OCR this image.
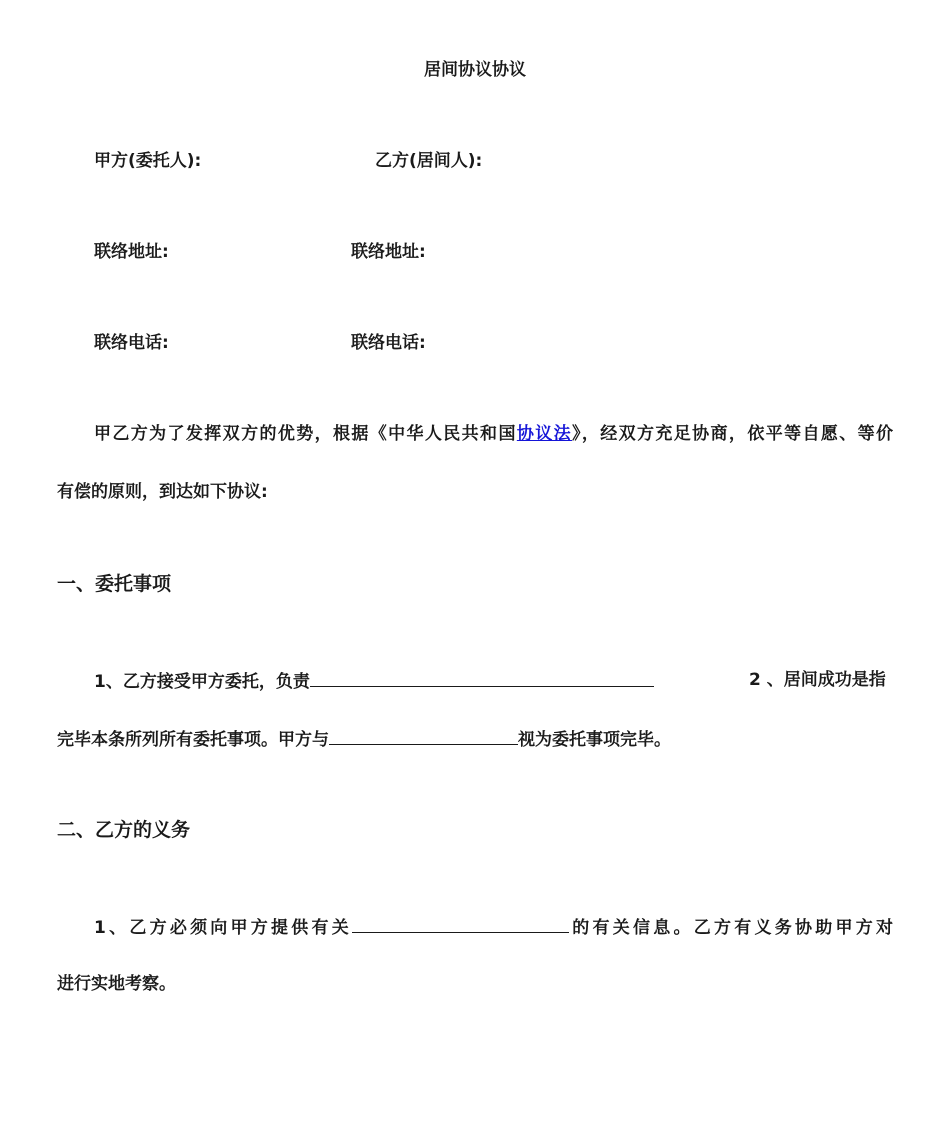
居间协议协议
甲方(委托人):	乙方(居间人):
联络地址:	联络地址:
联络电话:	联络电话:
甲乙方为了发挥双方的优势，根据《中华人民共和国协议法》，经双方充足协商，依平等自愿、等价
有偿的原则，到达如下协议:
一、委托事项
1、乙方接受甲方委托，负责	2 、居间成功是指
完毕本条所列所有委托事项。甲方与	视为委托事项完毕。
二、乙方的义务
1、乙方必须向甲方提供有关	的有关信息。乙方有义务协助甲方对
进行实地考察。
